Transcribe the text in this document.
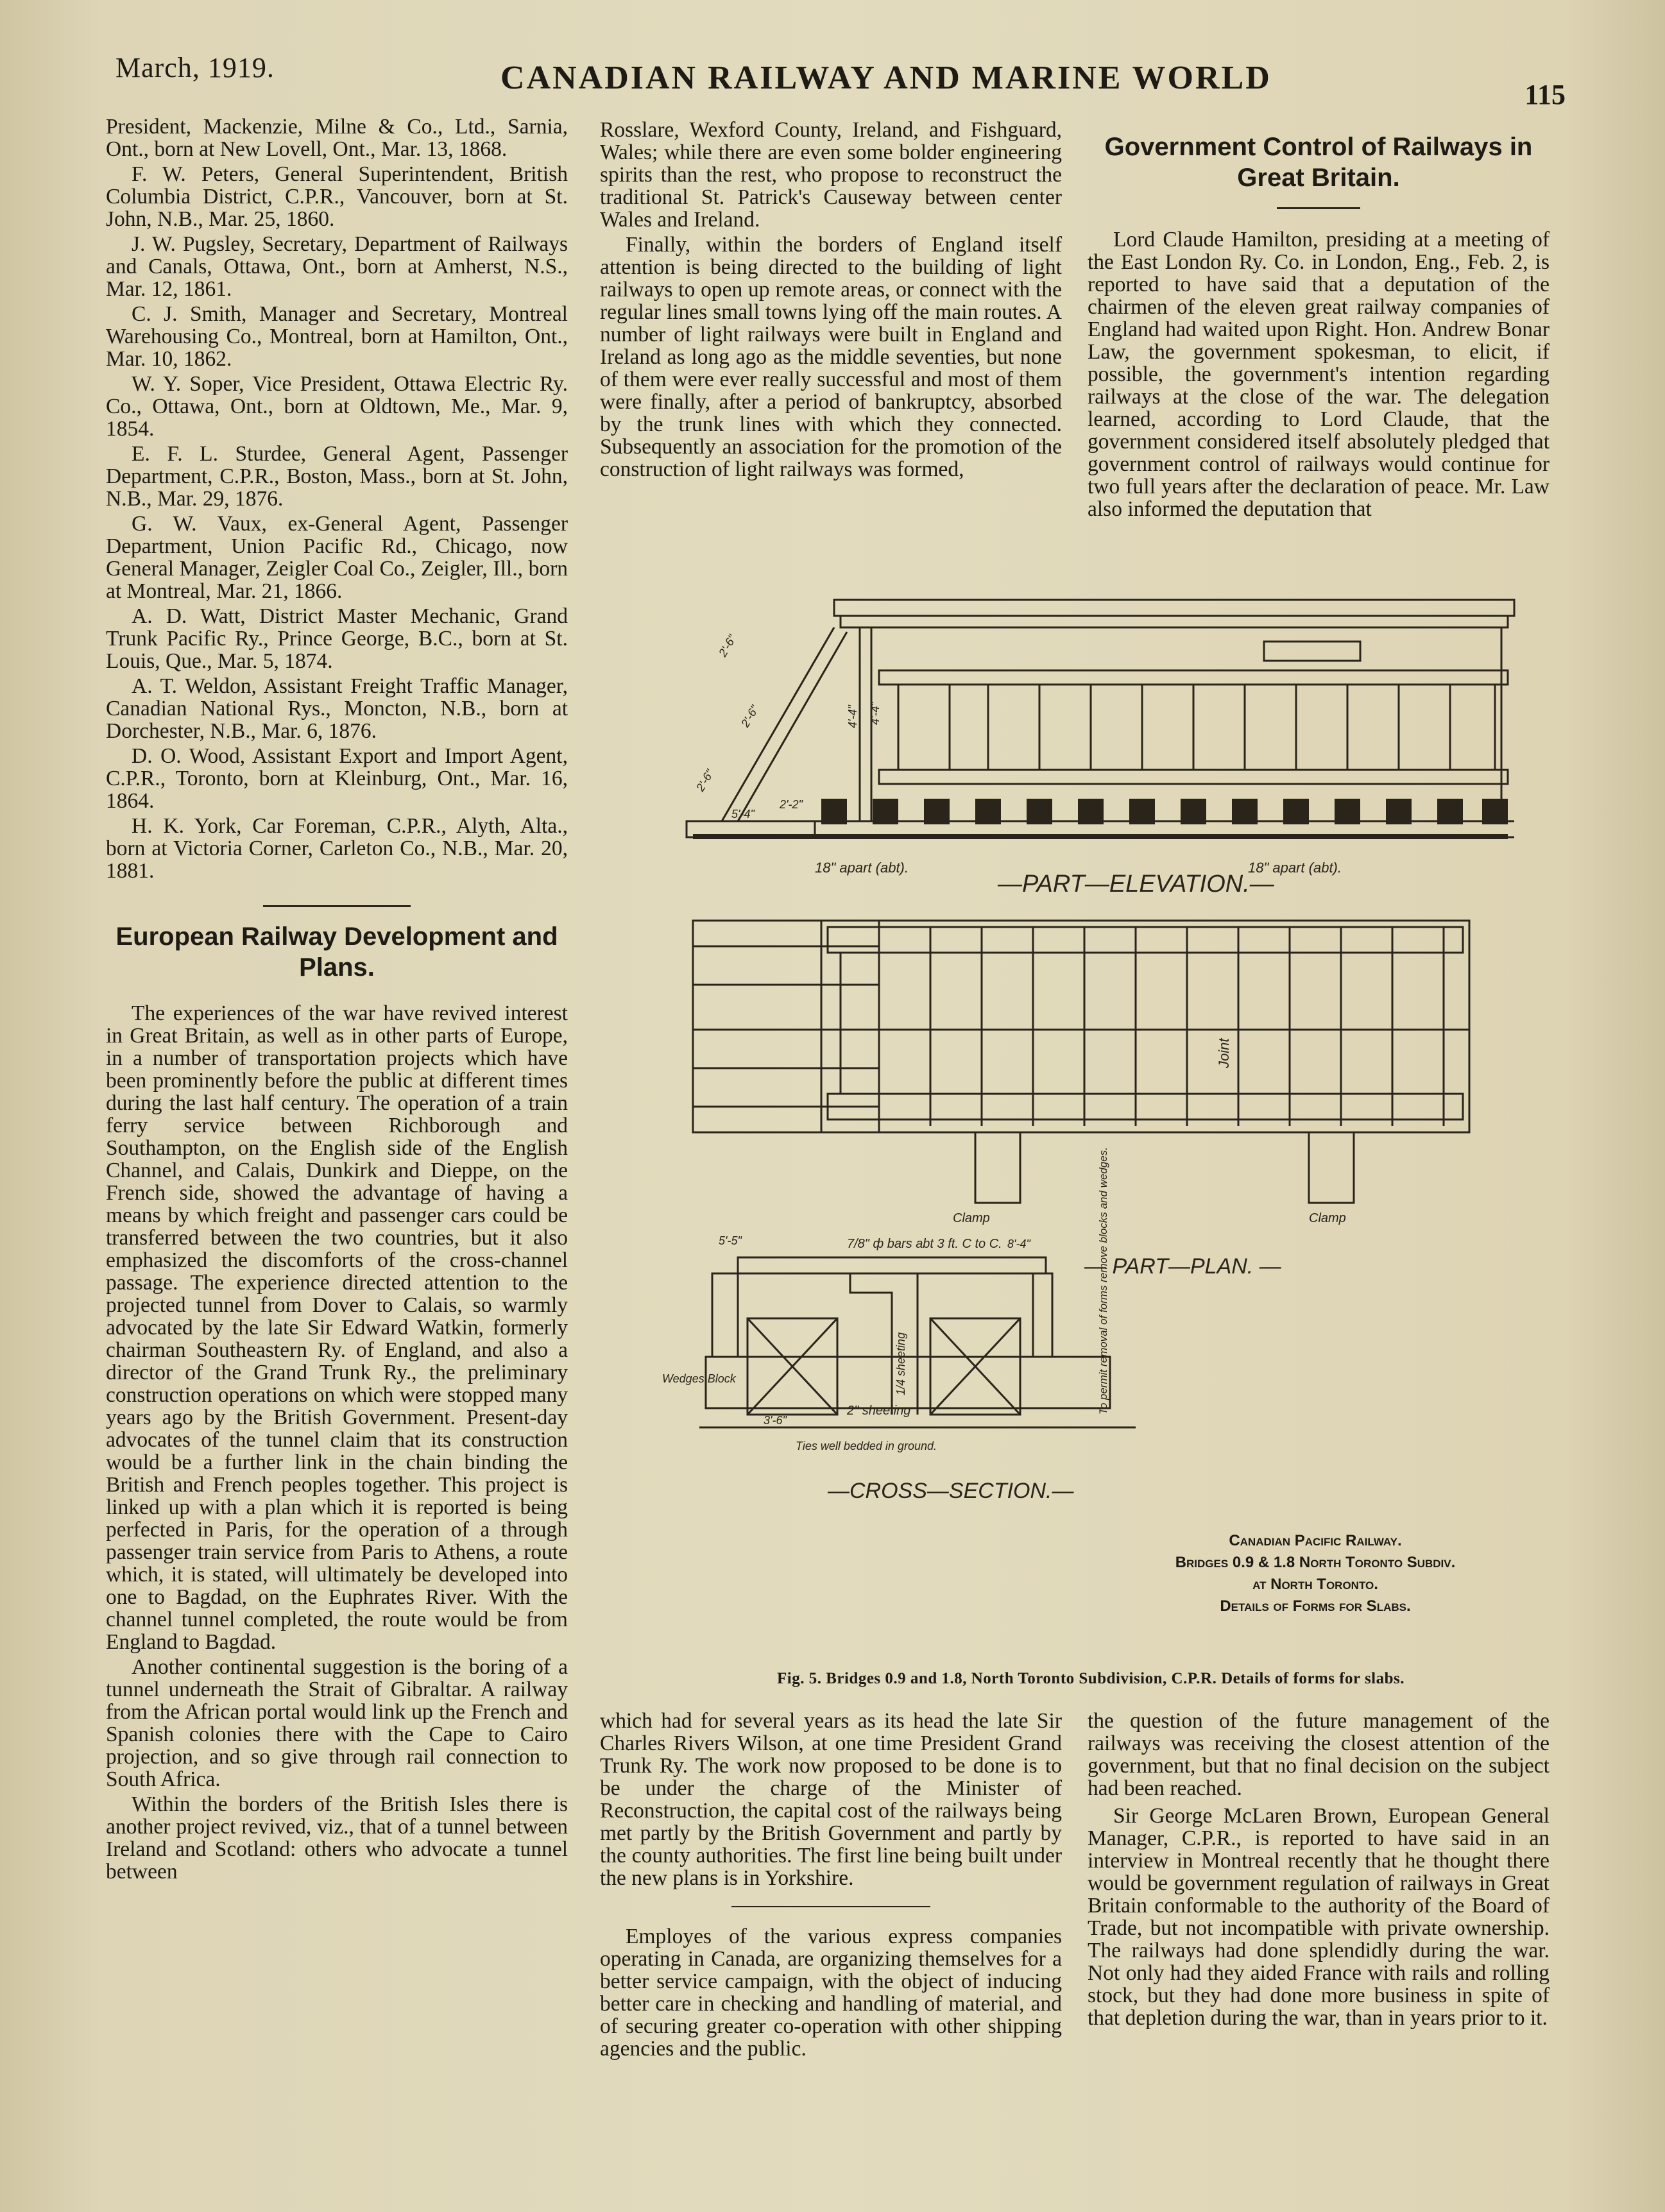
March, 1919.	CANADIAN RAILWAY AND MARINE WORLD	115

President, Mackenzie, Milne & Co., Ltd., Sarnia, Ont., born at New Lovell, Ont., Mar. 13, 1868.

F. W. Peters, General Superintendent, British Columbia District, C.P.R., Vancouver, born at St. John, N.B., Mar. 25, 1860.

J. W. Pugsley, Secretary, Department of Railways and Canals, Ottawa, Ont., born at Amherst, N.S., Mar. 12, 1861.

C. J. Smith, Manager and Secretary, Montreal Warehousing Co., Montreal, born at Hamilton, Ont., Mar. 10, 1862.

W. Y. Soper, Vice President, Ottawa Electric Ry. Co., Ottawa, Ont., born at Oldtown, Me., Mar. 9, 1854.

E. F. L. Sturdee, General Agent, Passenger Department, C.P.R., Boston, Mass., born at St. John, N.B., Mar. 29, 1876.

G. W. Vaux, ex-General Agent, Passenger Department, Union Pacific Rd., Chicago, now General Manager, Zeigler Coal Co., Zeigler, Ill., born at Montreal, Mar. 21, 1866.

A. D. Watt, District Master Mechanic, Grand Trunk Pacific Ry., Prince George, B.C., born at St. Louis, Que., Mar. 5, 1874.

A. T. Weldon, Assistant Freight Traffic Manager, Canadian National Rys., Moncton, N.B., born at Dorchester, N.B., Mar. 6, 1876.

D. O. Wood, Assistant Export and Import Agent, C.P.R., Toronto, born at Kleinburg, Ont., Mar. 16, 1864.

H. K. York, Car Foreman, C.P.R., Alyth, Alta., born at Victoria Corner, Carleton Co., N.B., Mar. 20, 1881.

European Railway Development and Plans.

The experiences of the war have revived interest in Great Britain, as well as in other parts of Europe, in a number of transportation projects which have been prominently before the public at different times during the last half century. The operation of a train ferry service between Richborough and Southampton, on the English side of the English Channel, and Calais, Dunkirk and Dieppe, on the French side, showed the advantage of having a means by which freight and passenger cars could be transferred between the two countries, but it also emphasized the discomforts of the cross-channel passage. The experience directed attention to the projected tunnel from Dover to Calais, so warmly advocated by the late Sir Edward Watkin, formerly chairman Southeastern Ry. of England, and also a director of the Grand Trunk Ry., the preliminary construction operations on which were stopped many years ago by the British Government. Present-day advocates of the tunnel claim that its construction would be a further link in the chain binding the British and French peoples together. This project is linked up with a plan which it is reported is being perfected in Paris, for the operation of a through passenger train service from Paris to Athens, a route which, it is stated, will ultimately be developed into one to Bagdad, on the Euphrates River. With the channel tunnel completed, the route would be from England to Bagdad.

Another continental suggestion is the boring of a tunnel underneath the Strait of Gibraltar. A railway from the African portal would link up the French and Spanish colonies there with the Cape to Cairo projection, and so give through rail connection to South Africa.

Within the borders of the British Isles there is another project revived, viz., that of a tunnel between Ireland and Scotland: others who advocate a tunnel between

Rosslare, Wexford County, Ireland, and Fishguard, Wales; while there are even some bolder engineering spirits than the rest, who propose to reconstruct the traditional St. Patrick's Causeway between center Wales and Ireland.

Finally, within the borders of England itself attention is being directed to the building of light railways to open up remote areas, or connect with the regular lines small towns lying off the main routes. A number of light railways were built in England and Ireland as long ago as the middle seventies, but none of them were ever really successful and most of them were finally, after a period of bankruptcy, absorbed by the trunk lines with which they connected. Subsequently an association for the promotion of the construction of light railways was formed,

Government Control of Railways in Great Britain.

Lord Claude Hamilton, presiding at a meeting of the East London Ry. Co. in London, Eng., Feb. 2, is reported to have said that a deputation of the chairmen of the eleven great railway companies of England had waited upon Right. Hon. Andrew Bonar Law, the government spokesman, to elicit, if possible, the government's intention regarding railways at the close of the war. The delegation learned, according to Lord Claude, that the government considered itself absolutely pledged that government control of railways would continue for two full years after the declaration of peace. Mr. Law also informed the deputation that

—PART—ELEVATION.—
18" apart (abt).	18" apart (abt).
— PART—PLAN. —
Clamp	Clamp
Joint
7/8" ф bars abt 3 ft. C to C.
1/4 sheeting
2" sheeting
Wedges Block
Ties well bedded in ground.
To permit removal of forms remove blocks and wedges.
—CROSS—SECTION.—
2'-6"
5'-4"
2'-6"	4'-4"
2'-2"
2'-6"
5'-5"
4'-4"
3'-6"
8'-4"
Canadian Pacific Railway.
Bridges 0.9 & 1.8 North Toronto Subdiv.
at North Toronto.
Details of Forms for Slabs.
Fig. 5. Bridges 0.9 and 1.8, North Toronto Subdivision, C.P.R. Details of forms for slabs.

which had for several years as its head the late Sir Charles Rivers Wilson, at one time President Grand Trunk Ry. The work now proposed to be done is to be under the charge of the Minister of Reconstruction, the capital cost of the railways being met partly by the British Government and partly by the county authorities. The first line being built under the new plans is in Yorkshire.

Employes of the various express companies operating in Canada, are organizing themselves for a better service campaign, with the object of inducing better care in checking and handling of material, and of securing greater co-operation with other shipping agencies and the public.

the question of the future management of the railways was receiving the closest attention of the government, but that no final decision on the subject had been reached.

Sir George McLaren Brown, European General Manager, C.P.R., is reported to have said in an interview in Montreal recently that he thought there would be government regulation of railways in Great Britain conformable to the authority of the Board of Trade, but not incompatible with private ownership. The railways had done splendidly during the war. Not only had they aided France with rails and rolling stock, but they had done more business in spite of that depletion during the war, than in years prior to it.
